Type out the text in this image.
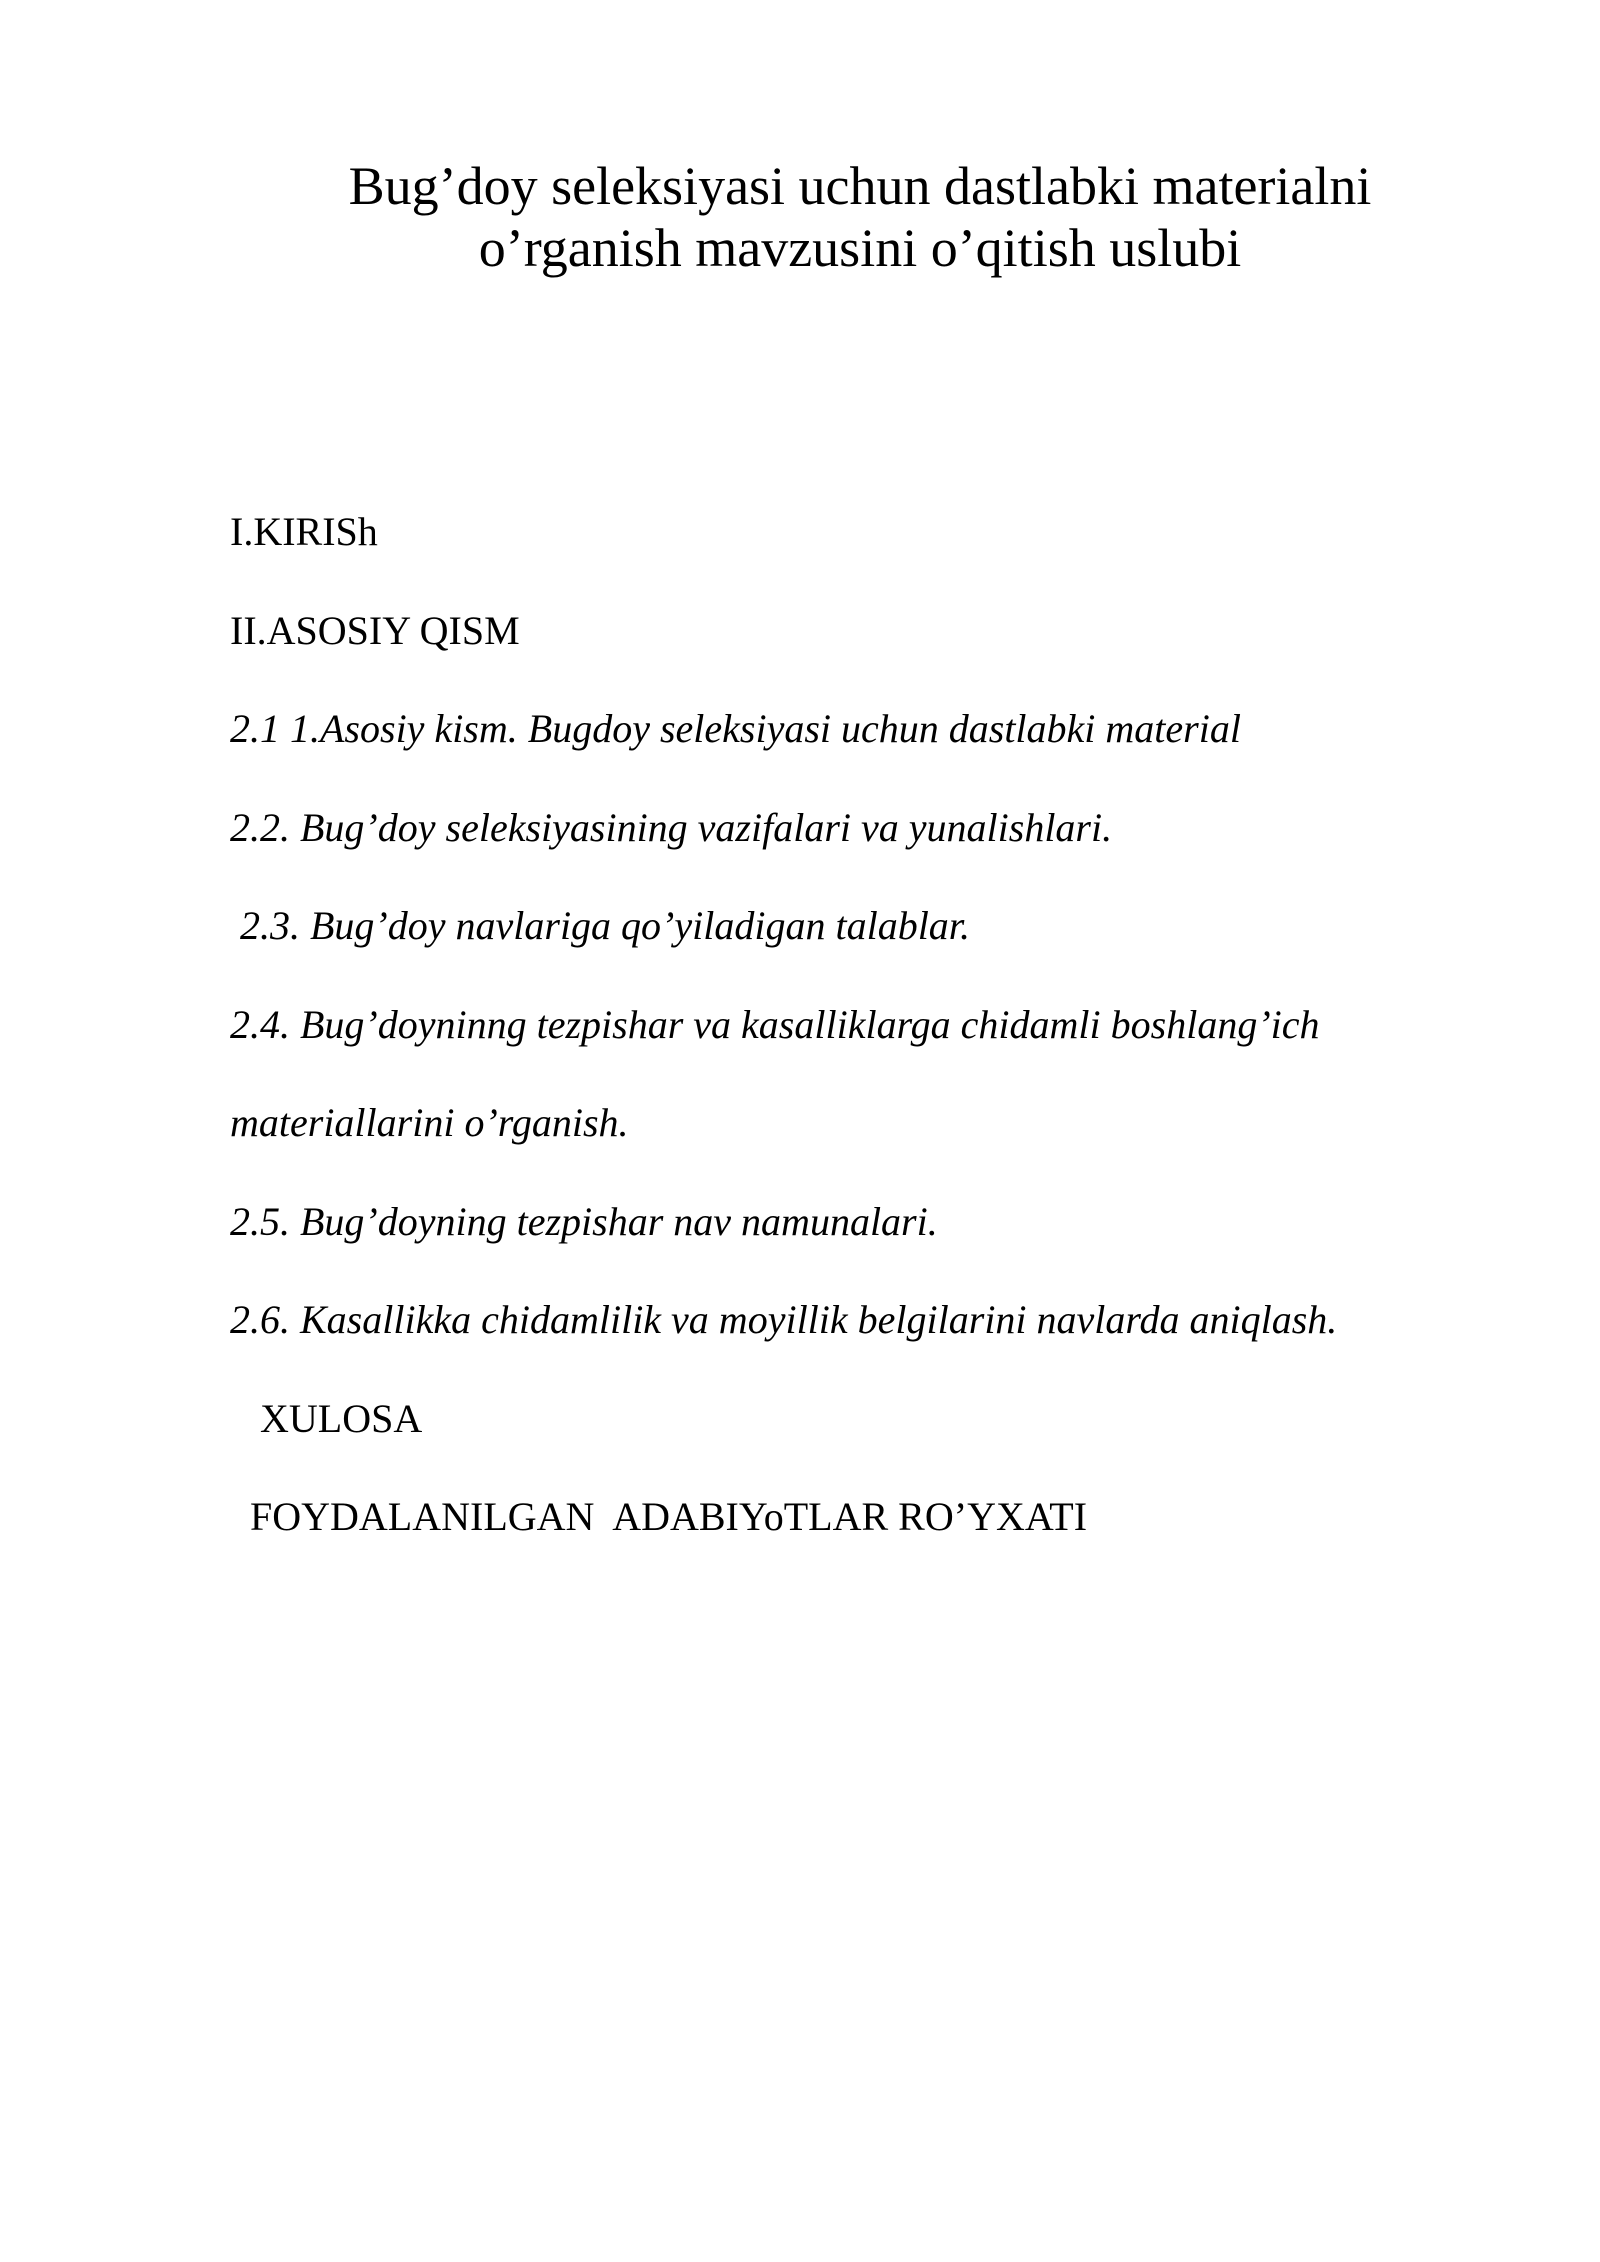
Bug’doy seleksiyasi uchun dastlabki materialni
o’rganish mavzusini o’qitish uslubi
I.KIRISh
II.ASOSIY QISM
2.1 1.Asosiy kism. Bugdoy seleksiyasi uchun dastlabki material
2.2. Bug’doy seleksiyasining vazifalari va yunalishlari.
2.3. Bug’doy navlariga qo’yiladigan talablar.
2.4. Bug’doyninng tezpishar va kasalliklarga chidamli boshlang’ich
materiallarini o’rganish.
2.5. Bug’doyning tezpishar nav namunalari.
2.6. Kasallikka chidamlilik va moyillik belgilarini navlarda aniqlash.
XULOSA
FOYDALANILGAN  ADABIYoTLAR RO’YXATI
